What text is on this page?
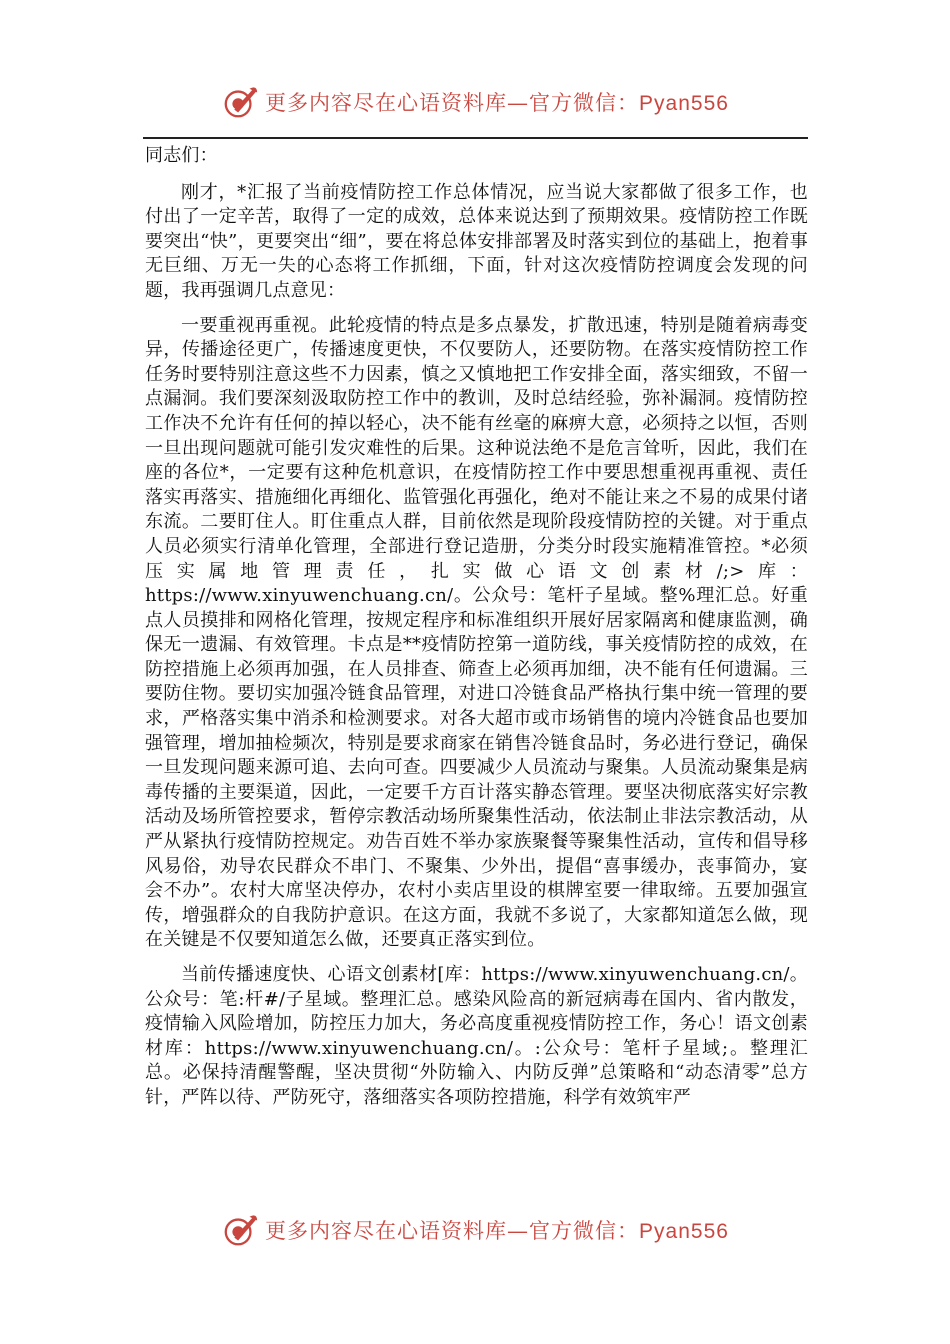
更多内容尽在心语资料库—官方微信：Pyan556

同志们：

刚才，*汇报了当前疫情防控工作总体情况，应当说大家都做了很多工作，也付出了一定辛苦，取得了一定的成效，总体来说达到了预期效果。疫情防控工作既要突出“快”，更要突出“细”，要在将总体安排部署及时落实到位的基础上，抱着事无巨细、万无一失的心态将工作抓细，下面，针对这次疫情防控调度会发现的问题，我再强调几点意见：

一要重视再重视。此轮疫情的特点是多点暴发，扩散迅速，特别是随着病毒变异，传播途径更广，传播速度更快，不仅要防人，还要防物。在落实疫情防控工作任务时要特别注意这些不力因素，慎之又慎地把工作安排全面，落实细致，不留一点漏洞。我们要深刻汲取防控工作中的教训，及时总结经验，弥补漏洞。疫情防控工作决不允许有任何的掉以轻心，决不能有丝毫的麻痹大意，必须持之以恒，否则一旦出现问题就可能引发灾难性的后果。这种说法绝不是危言耸听，因此，我们在座的各位*，一定要有这种危机意识，在疫情防控工作中要思想重视再重视、责任落实再落实、措施细化再细化、监管强化再强化，绝对不能让来之不易的成果付诸东流。二要盯住人。盯住重点人群，目前依然是现阶段疫情防控的关键。对于重点人员必须实行清单化管理，全部进行登记造册，分类分时段实施精准管控。*必须压实属地管理责任，扎实做心语文创素材/;>库：https://www.xinyuwenchuang.cn/。公众号：笔杆子星域。整%理汇总。好重点人员摸排和网格化管理，按规定程序和标准组织开展好居家隔离和健康监测，确保无一遗漏、有效管理。卡点是**疫情防控第一道防线，事关疫情防控的成效，在防控措施上必须再加强，在人员排查、筛查上必须再加细，决不能有任何遗漏。三要防住物。要切实加强冷链食品管理，对进口冷链食品严格执行集中统一管理的要求，严格落实集中消杀和检测要求。对各大超市或市场销售的境内冷链食品也要加强管理，增加抽检频次，特别是要求商家在销售冷链食品时，务必进行登记，确保一旦发现问题来源可追、去向可查。四要减少人员流动与聚集。人员流动聚集是病毒传播的主要渠道，因此，一定要千方百计落实静态管理。要坚决彻底落实好宗教活动及场所管控要求，暂停宗教活动场所聚集性活动，依法制止非法宗教活动，从严从紧执行疫情防控规定。劝告百姓不举办家族聚餐等聚集性活动，宣传和倡导移风易俗，劝导农民群众不串门、不聚集、少外出，提倡“喜事缓办，丧事简办，宴会不办”。农村大席坚决停办，农村小卖店里设的棋牌室要一律取缔。五要加强宣传，增强群众的自我防护意识。在这方面，我就不多说了，大家都知道怎么做，现在关键是不仅要知道怎么做，还要真正落实到位。

当前传播速度快、心语文创素材[库：https://www.xinyuwenchuang.cn/。公众号：笔:杆#/子星域。整理汇总。感染风险高的新冠病毒在国内、省内散发，疫情输入风险增加，防控压力加大，务必高度重视疫情防控工作，务心！语文创素材库：https://www.xinyuwenchuang.cn/。:公众号：笔杆子星域;。整理汇总。必保持清醒警醒，坚决贯彻“外防输入、内防反弹”总策略和“动态清零”总方针，严阵以待、严防死守，落细落实各项防控措施，科学有效筑牢严

更多内容尽在心语资料库—官方微信：Pyan556
